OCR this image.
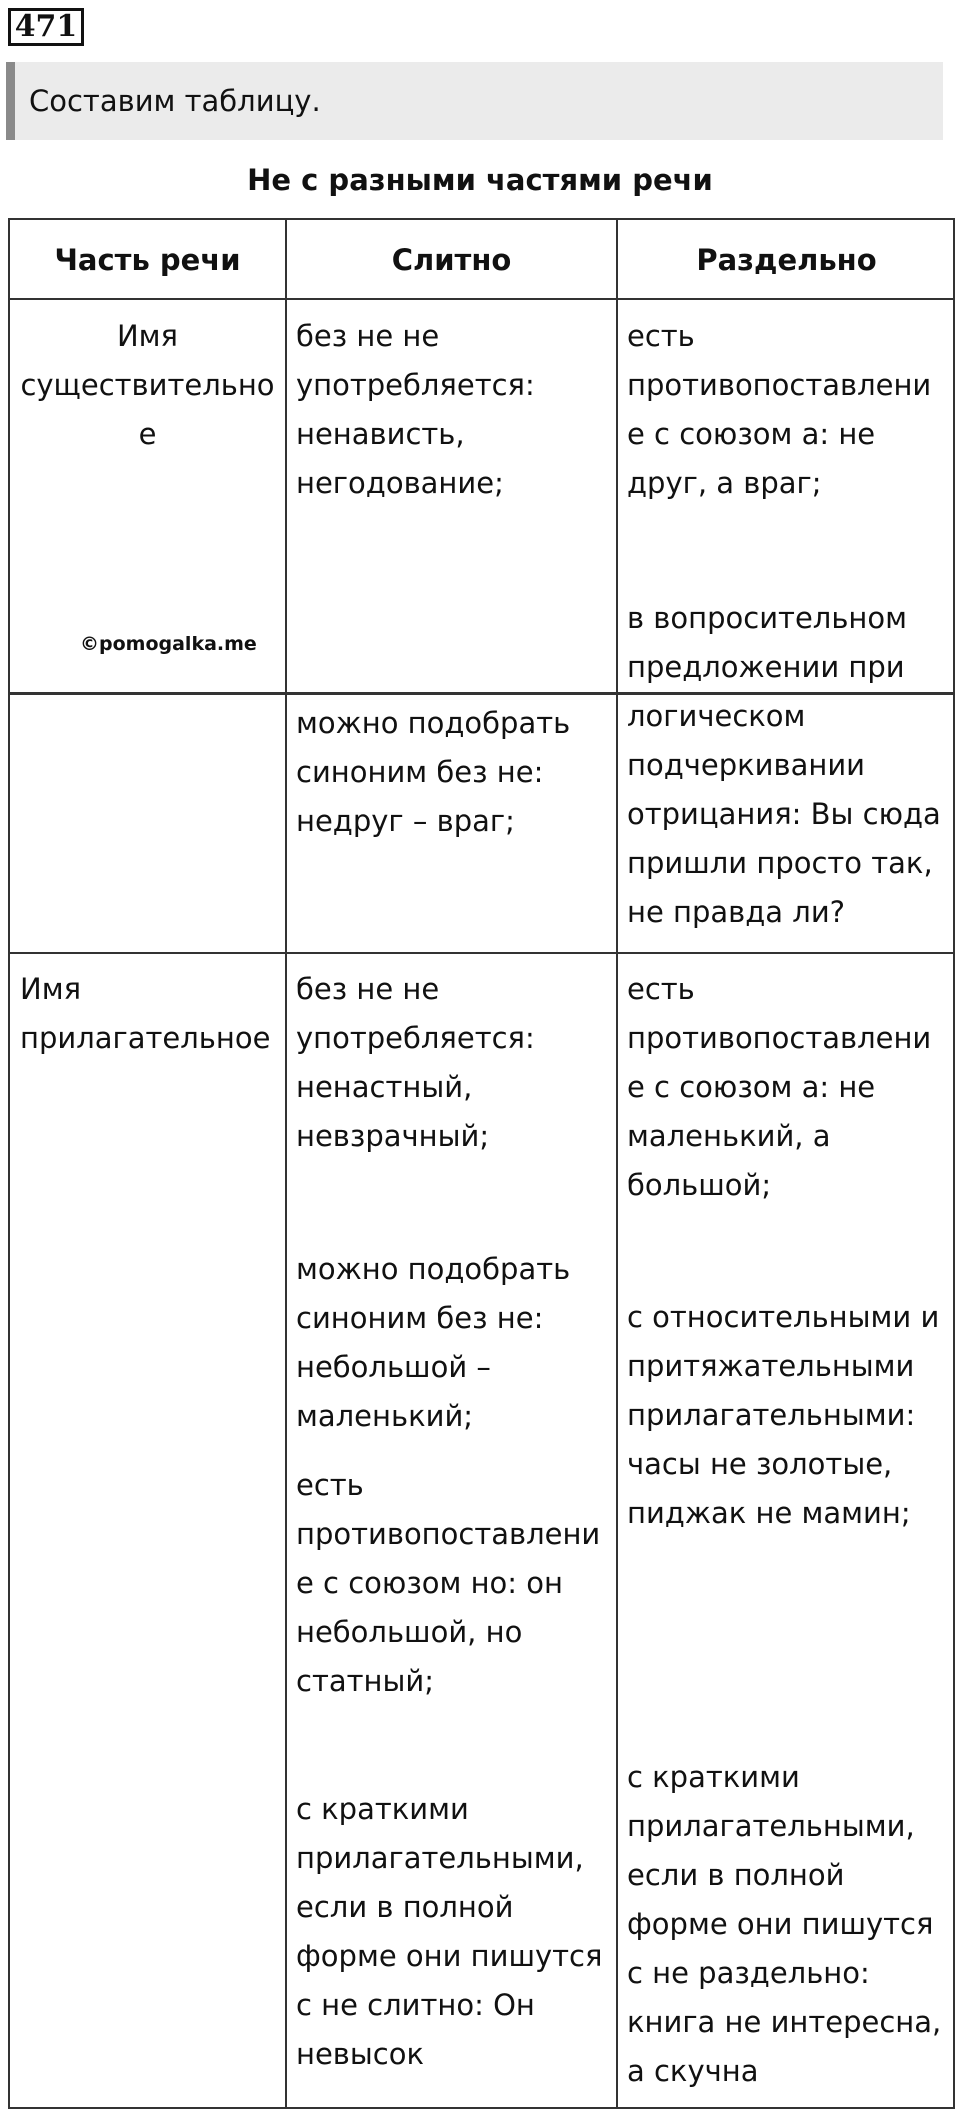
471
Составим таблицу.
Не с разными частями речи
Часть речи	Слитно	Раздельно
Имя
существительно
е
без не не
употребляется:
ненависть,
негодование;
есть
противопоставлени
е с союзом а: не
друг, а враг;
в вопросительном
предложении при
©pomogalka.me
можно подобрать
синоним без не:
недруг – враг;
логическом
подчеркивании
отрицания: Вы сюда
пришли просто так,
не правда ли?
Имя
прилагательное
без не не
употребляется:
ненастный,
невзрачный;
можно подобрать
синоним без не:
небольшой –
маленький;
есть
противопоставлени
е с союзом но: он
небольшой, но
статный;
с краткими
прилагательными,
если в полной
форме они пишутся
с не слитно: Он
невысок
есть
противопоставлени
е с союзом а: не
маленький, а
большой;
с относительными и
притяжательными
прилагательными:
часы не золотые,
пиджак не мамин;
с краткими
прилагательными,
если в полной
форме они пишутся
с не раздельно:
книга не интересна,
а скучна
